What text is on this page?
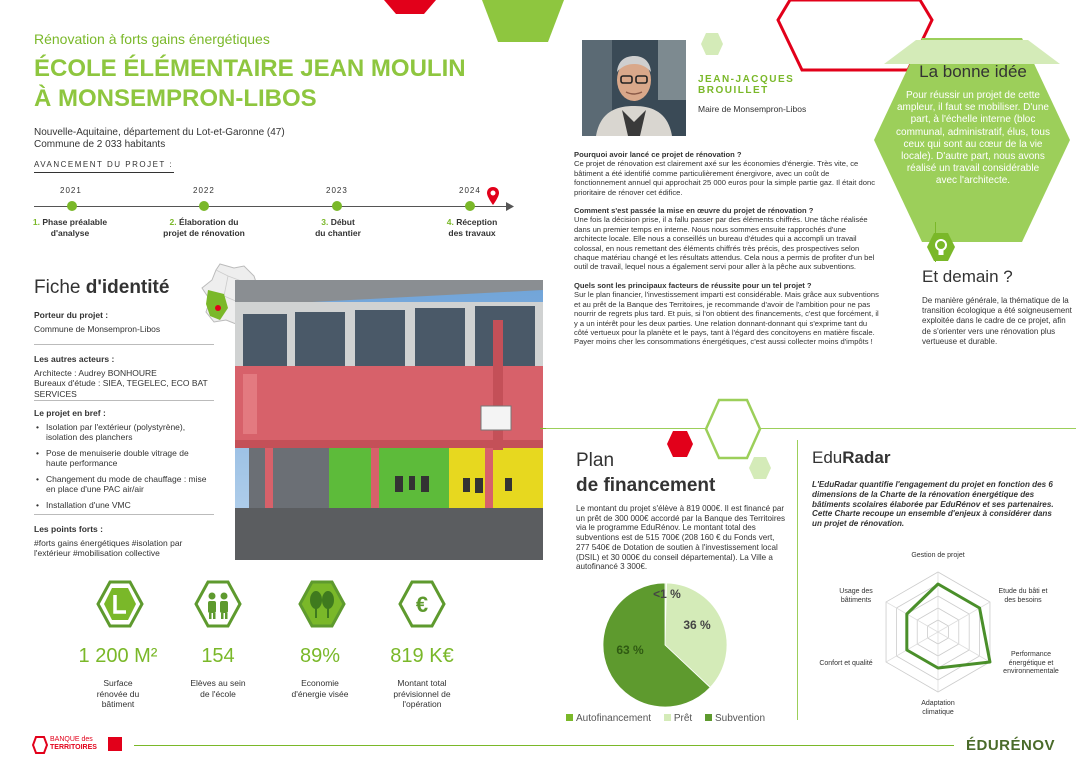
Rénovation à forts gains énergétiques
ÉCOLE ÉLÉMENTAIRE JEAN MOULIN
À MONSEMPRON-LIBOS
Nouvelle-Aquitaine, département du Lot-et-Garonne (47)
Commune de 2 033 habitants
AVANCEMENT DU PROJET :
2021	2022	2023	2024
1. Phase préalable
d'analyse
2. Élaboration du
projet de rénovation
3. Début
du chantier
4. Réception
des travaux
Fiche d'identité
Porteur du projet :
Commune de Monsempron-Libos
Les autres acteurs :
Architecte : Audrey BONHOURE
Bureaux d'étude : SIEA, TEGELEC, ECO BAT SERVICES
Le projet en bref :
• Isolation par l'extérieur (polystyrène), isolation des planchers
• Pose de menuiserie double vitrage de haute performance
• Changement du mode de chauffage : mise en place d'une PAC air/air
• Installation d'une VMC
Les points forts :
#forts gains énergétiques #isolation par l'extérieur #mobilisation collective
€
1 200 M²	154	89%	819 K€
Surface
rénovée du
bâtiment
Elèves au sein
de l'école
Economie
d'énergie visée
Montant total
prévisionnel de
l'opération
JEAN-JACQUES
BROUILLET
Maire de Monsempron-Libos

Pourquoi avoir lancé ce projet de rénovation ?
Ce projet de rénovation est clairement axé sur les économies d'énergie. Très vite, ce bâtiment a été identifié comme particulièrement énergivore, avec un coût de fonctionnement annuel qui approchait 25 000 euros pour la simple partie gaz. Il était donc prioritaire de rénover cet édifice.

Comment s'est passée la mise en œuvre du projet de rénovation ?
Une fois la décision prise, il a fallu passer par des éléments chiffrés. Une tâche réalisée dans un premier temps en interne. Nous nous sommes ensuite rapprochés d'une architecte locale. Elle nous a conseillés un bureau d'études qui a accompli un travail colossal, en nous remettant des éléments chiffrés très précis, des prospectives selon chaque matériau changé et les résultats attendus. Cela nous a permis de profiter d'un bel outil de travail, lequel nous a également servi pour aller à la pêche aux subventions.

Quels sont les principaux facteurs de réussite pour un tel projet ?
Sur le plan financier, l'investissement imparti est considérable. Mais grâce aux subventions et au prêt de la Banque des Territoires, je recommande d'avoir de l'ambition pour ne pas nourrir de regrets plus tard. Et puis, si l'on obtient des financements, c'est que forcément, il y a un intérêt pour les deux parties. Une relation donnant-donnant qui s'exprime tant du côté vertueux pour la planète et le pays, tant à l'égard des concitoyens en matière fiscale. Payer moins cher les consommations énergétiques, c'est aussi collecter moins d'impôts !

La bonne idée
Pour réussir un projet de cette ampleur, il faut se mobiliser. D'une part, à l'échelle interne (bloc communal, administratif, élus, tous ceux qui sont au cœur de la vie locale). D'autre part, nous avons réalisé un travail considérable avec l'architecte.
Et demain ?
De manière générale, la thématique de la transition écologique a été soigneusement exploitée dans le cadre de ce projet, afin de s'orienter vers une rénovation plus vertueuse et durable.
Plan
de financement
Le montant du projet s'élève à 819 000€. Il est financé par un prêt de 300 000€ accordé par la Banque des Territoires via le programme EduRénov. Le montant total des subventions est de 515 700€ (208 160 € du Fonds vert, 277 540€ de Dotation de soutien à l'investissement local (DSIL) et 30 000€ du conseil départemental). La Ville a autofinancé 3 300€.
<1 %
36 %
63 %
Autofinancement Prêt Subvention
EduRadar
L'EduRadar quantifie l'engagement du projet en fonction des 6 dimensions de la Charte de la rénovation énergétique des bâtiments scolaires élaborée par EduRénov et ses partenaires. Cette Charte recoupe un ensemble d'enjeux à considérer dans un projet de rénovation.
Gestion de projet
Etude du bâti et
des besoins
Performance
énergétique et
environnementale
Adaptation
climatique
Confort et qualité
Usage des
bâtiments
BANQUE des
TERRITOIRES	ÉDURÉNOV
